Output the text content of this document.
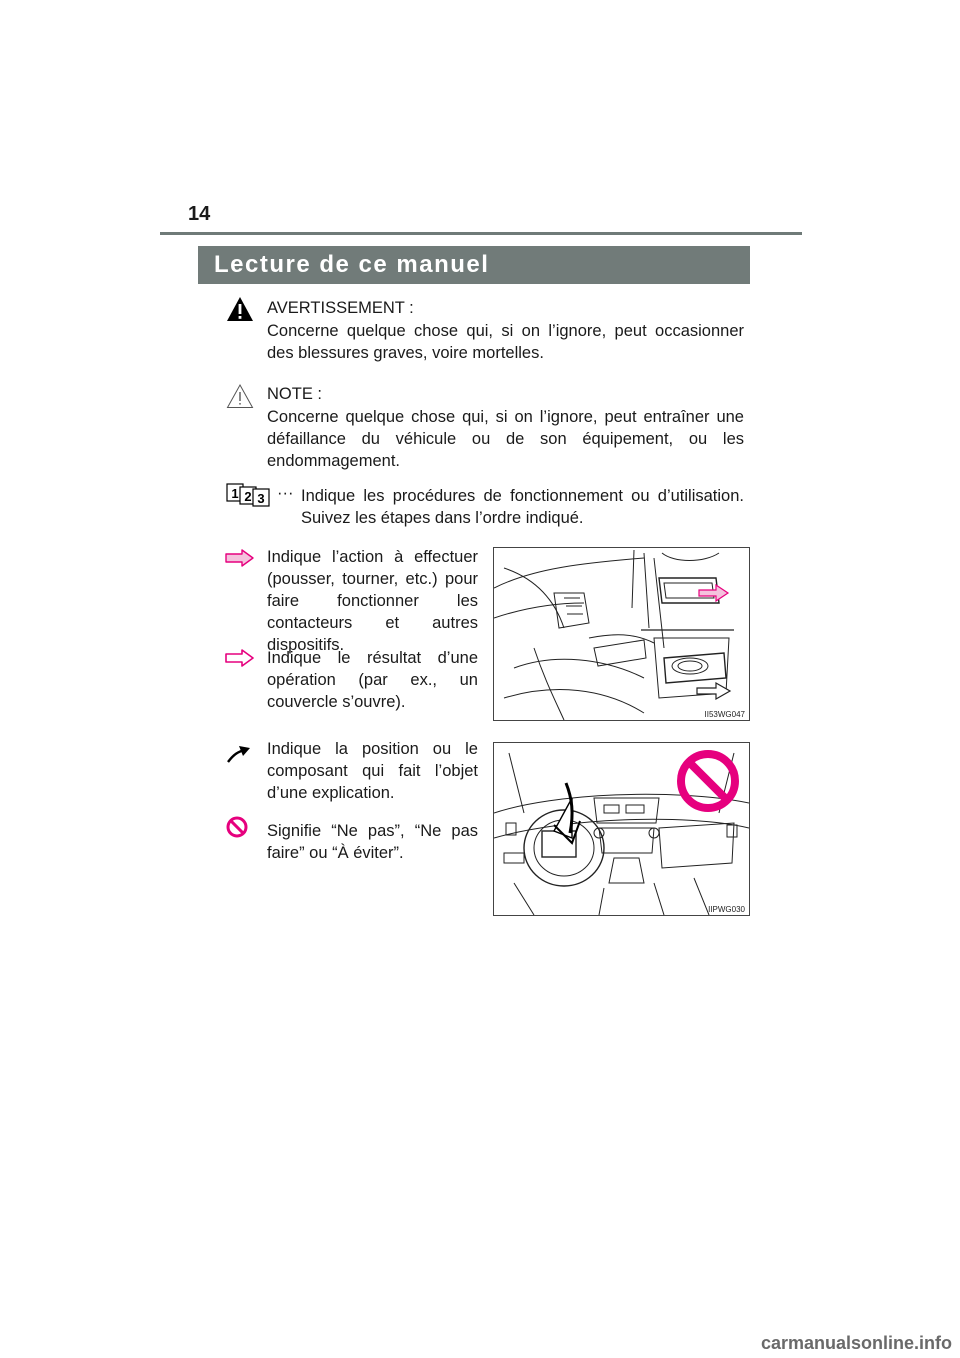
14
Lecture de ce manuel
AVERTISSEMENT :
Concerne quelque chose qui, si on l’ignore, peut occasionner des blessures graves, voire mortelles.
NOTE :
Concerne quelque chose qui, si on l’ignore, peut entraîner une défaillance du véhicule ou de son équipement, ou les endommagement.
1 2 3 ··· Indique les procédures de fonctionnement ou d’utilisation. Suivez les étapes dans l’ordre indiqué.
Indique l’action à effectuer (pousser, tourner, etc.) pour faire fonctionner les contacteurs et autres dispositifs.
Indique le résultat d’une opération (par ex., un couvercle s’ouvre).
II53WG047
Indique la position ou le composant qui fait l’objet d’une explication.
Signifie “Ne pas”, “Ne pas faire” ou “À éviter”.
IIPWG030
carmanualsonline.info
